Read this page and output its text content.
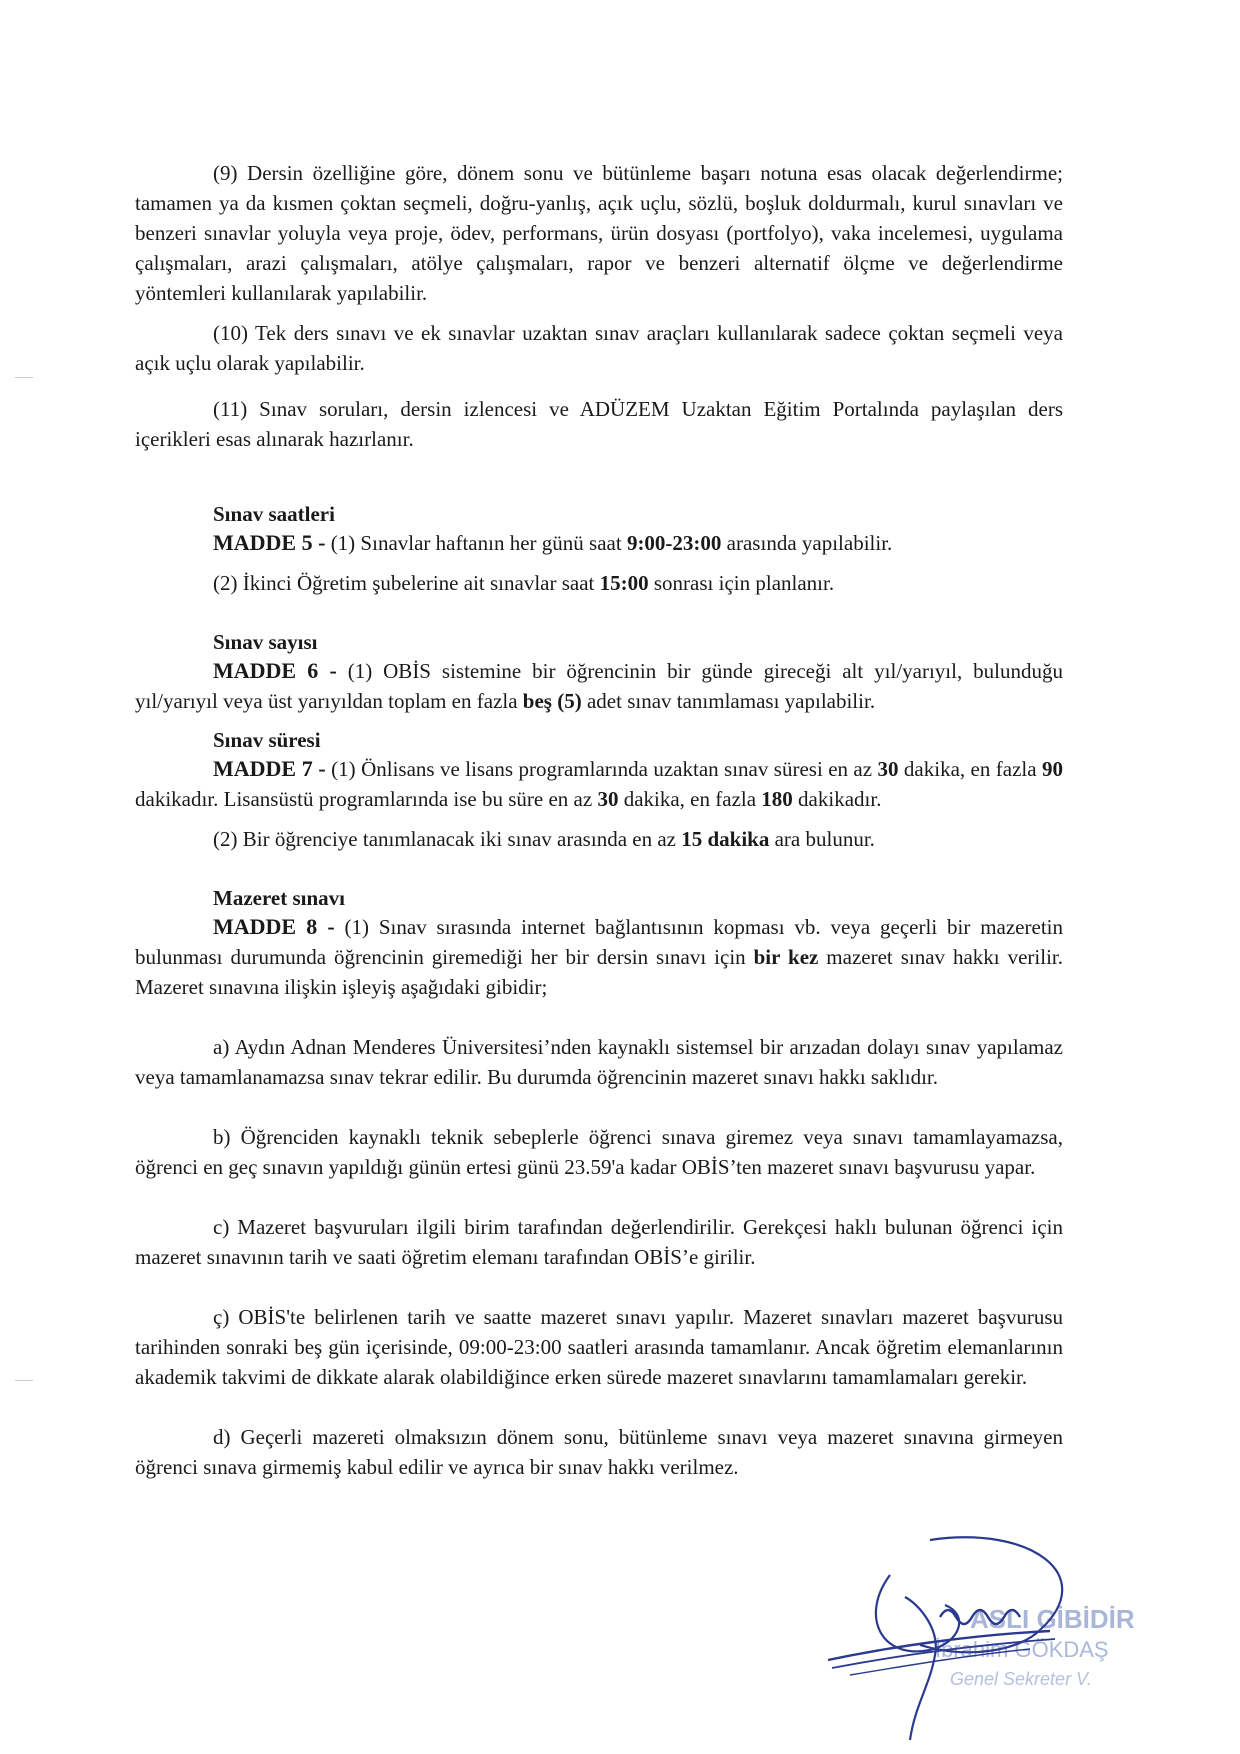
(9) Dersin özelliğine göre, dönem sonu ve bütünleme başarı notuna esas olacak değerlendirme; tamamen ya da kısmen çoktan seçmeli, doğru-yanlış, açık uçlu, sözlü, boşluk doldurmalı, kurul sınavları ve benzeri sınavlar yoluyla veya proje, ödev, performans, ürün dosyası (portfolyo), vaka incelemesi, uygulama çalışmaları, arazi çalışmaları, atölye çalışmaları, rapor ve benzeri alternatif ölçme ve değerlendirme yöntemleri kullanılarak yapılabilir.

(10) Tek ders sınavı ve ek sınavlar uzaktan sınav araçları kullanılarak sadece çoktan seçmeli veya açık uçlu olarak yapılabilir.

(11) Sınav soruları, dersin izlencesi ve ADÜZEM Uzaktan Eğitim Portalında paylaşılan ders içerikleri esas alınarak hazırlanır.

Sınav saatleri

MADDE 5 - (1) Sınavlar haftanın her günü saat 9:00-23:00 arasında yapılabilir.

(2) İkinci Öğretim şubelerine ait sınavlar saat 15:00 sonrası için planlanır.

Sınav sayısı

MADDE 6 - (1) OBİS sistemine bir öğrencinin bir günde gireceği alt yıl/yarıyıl, bulunduğu yıl/yarıyıl veya üst yarıyıldan toplam en fazla beş (5) adet sınav tanımlaması yapılabilir.

Sınav süresi

MADDE 7 - (1) Önlisans ve lisans programlarında uzaktan sınav süresi en az 30 dakika, en fazla 90 dakikadır. Lisansüstü programlarında ise bu süre en az 30 dakika, en fazla 180 dakikadır.

(2) Bir öğrenciye tanımlanacak iki sınav arasında en az 15 dakika ara bulunur.

Mazeret sınavı

MADDE 8 - (1) Sınav sırasında internet bağlantısının kopması vb. veya geçerli bir mazeretin bulunması durumunda öğrencinin giremediği her bir dersin sınavı için bir kez mazeret sınav hakkı verilir. Mazeret sınavına ilişkin işleyiş aşağıdaki gibidir;

a) Aydın Adnan Menderes Üniversitesi’nden kaynaklı sistemsel bir arızadan dolayı sınav yapılamaz veya tamamlanamazsa sınav tekrar edilir. Bu durumda öğrencinin mazeret sınavı hakkı saklıdır.

b) Öğrenciden kaynaklı teknik sebeplerle öğrenci sınava giremez veya sınavı tamamlayamazsa, öğrenci en geç sınavın yapıldığı günün ertesi günü 23.59'a kadar OBİS’ten mazeret sınavı başvurusu yapar.

c) Mazeret başvuruları ilgili birim tarafından değerlendirilir. Gerekçesi haklı bulunan öğrenci için mazeret sınavının tarih ve saati öğretim elemanı tarafından OBİS’e girilir.

ç) OBİS'te belirlenen tarih ve saatte mazeret sınavı yapılır. Mazeret sınavları mazeret başvurusu tarihinden sonraki beş gün içerisinde, 09:00-23:00 saatleri arasında tamamlanır. Ancak öğretim elemanlarının akademik takvimi de dikkate alarak olabildiğince erken sürede mazeret sınavlarını tamamlamaları gerekir.

d) Geçerli mazereti olmaksızın dönem sonu, bütünleme sınavı veya mazeret sınavına girmeyen öğrenci sınava girmemiş kabul edilir ve ayrıca bir sınav hakkı verilmez.

ASLI GİBİDİR
İbrahim GÖKDAŞ
Genel Sekreter V.
